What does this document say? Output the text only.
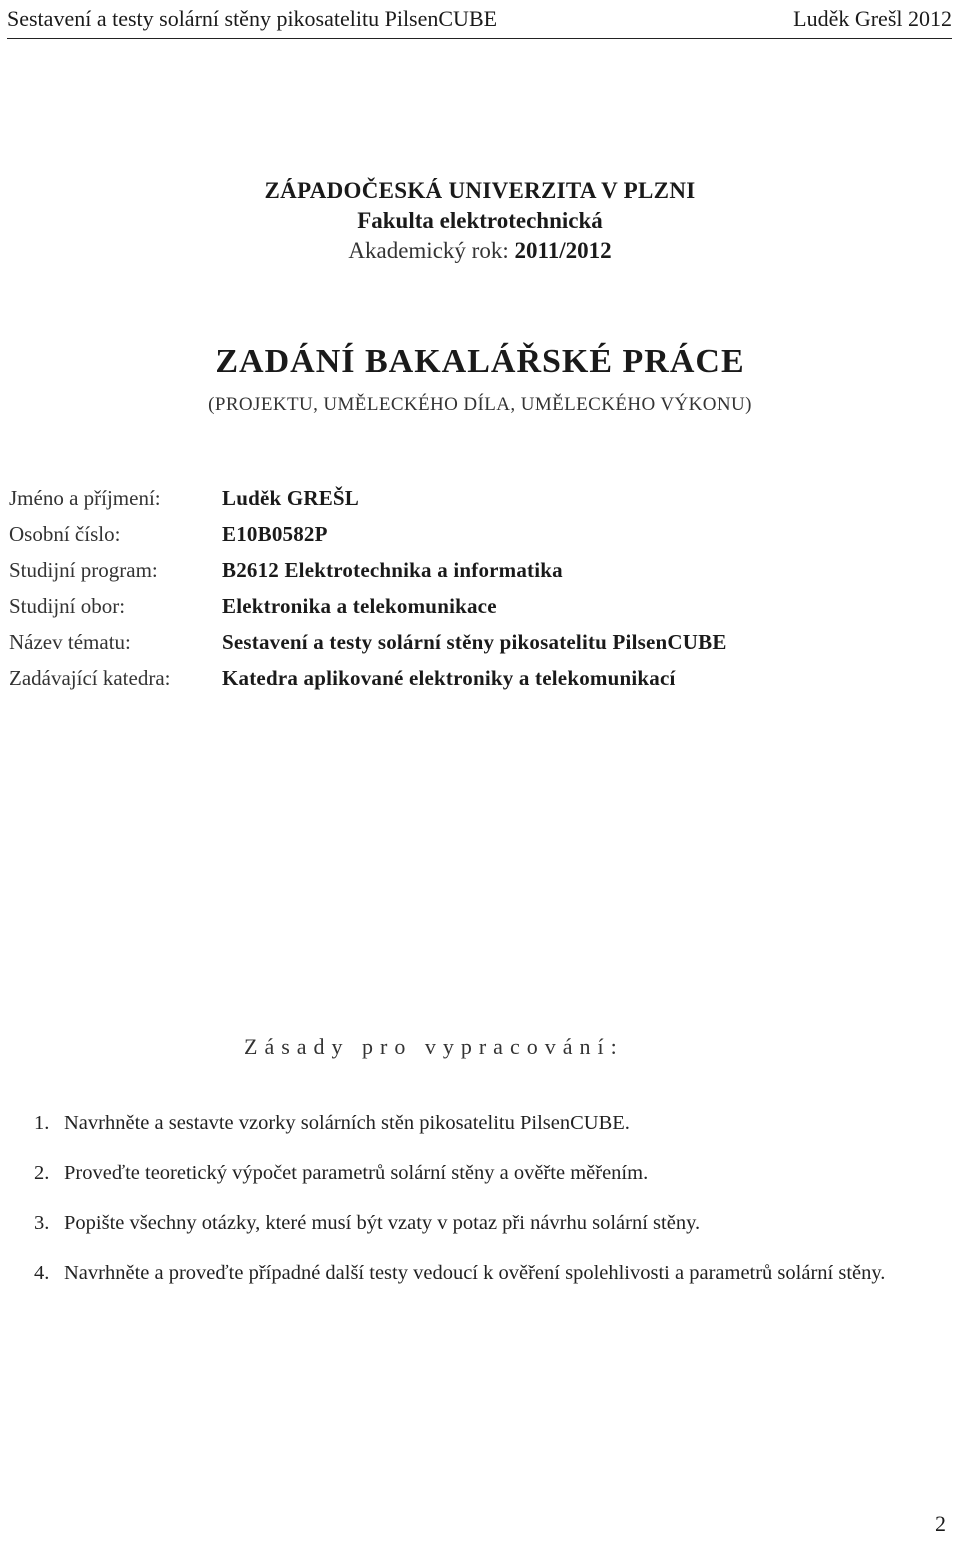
Sestavení a testy solární stěny pikosatelitu PilsenCUBE	Luděk Grešl 2012
ZÁPADOČESKÁ UNIVERZITA V PLZNI
Fakulta elektrotechnická
Akademický rok: 2011/2012
ZADÁNÍ BAKALÁŘSKÉ PRÁCE
(PROJEKTU, UMĚLECKÉHO DÍLA, UMĚLECKÉHO VÝKONU)
Jméno a příjmení:	Luděk GREŠL
Osobní číslo:	E10B0582P
Studijní program:	B2612 Elektrotechnika a informatika
Studijní obor:	Elektronika a telekomunikace
Název tématu:	Sestavení a testy solární stěny pikosatelitu PilsenCUBE
Zadávající katedra:	Katedra aplikované elektroniky a telekomunikací
Zásady pro vypracování:
1. Navrhněte a sestavte vzorky solárních stěn pikosatelitu PilsenCUBE.
2. Proveďte teoretický výpočet parametrů solární stěny a ověřte měřením.
3. Popište všechny otázky, které musí být vzaty v potaz při návrhu solární stěny.
4. Navrhněte a proveďte případné další testy vedoucí k ověření spolehlivosti a parametrů solární stěny.
2
